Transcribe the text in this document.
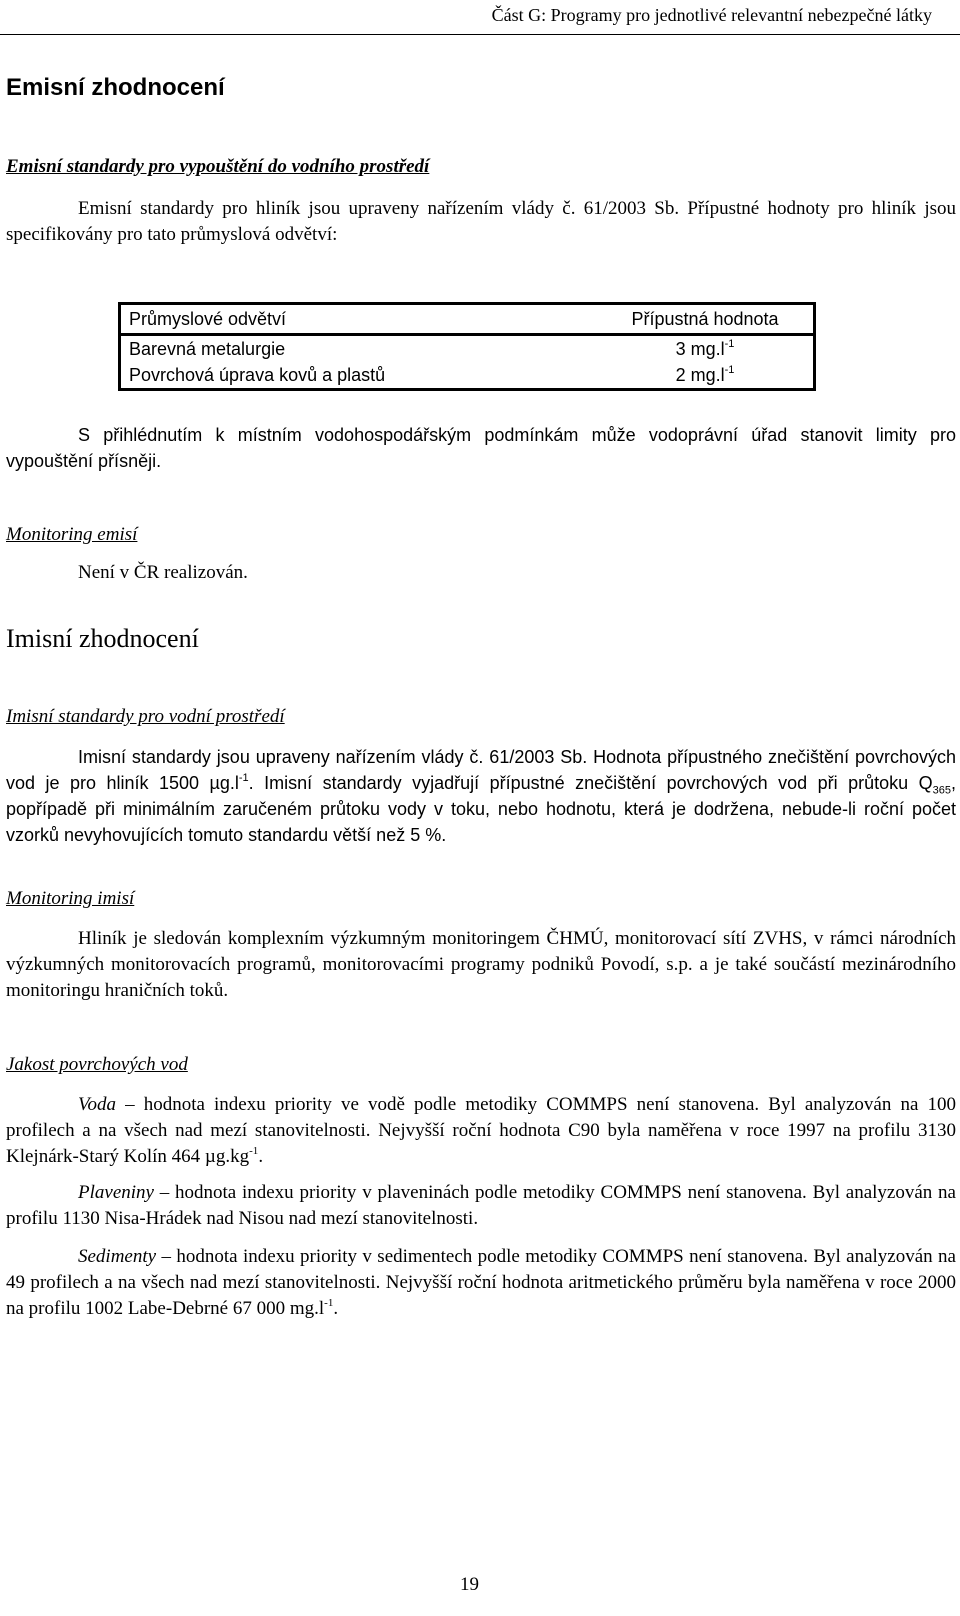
Část G: Programy pro jednotlivé relevantní nebezpečné látky
Emisní zhodnocení
Emisní standardy pro vypouštění do vodního prostředí
Emisní standardy pro hliník jsou upraveny nařízením vlády č. 61/2003 Sb. Přípustné hodnoty pro hliník jsou specifikovány pro tato průmyslová odvětví:
Průmyslové odvětví	Přípustná hodnota
Barevná metalurgie	3 $mg.l^{-1}$
Povrchová úprava kovů a plastů	2 $mg.l^{-1}$
S přihlédnutím k místním vodohospodářským podmínkám může vodoprávní úřad stanovit limity pro vypouštění přísněji.
Monitoring emisí
Není v ČR realizován.
Imisní zhodnocení
Imisní standardy pro vodní prostředí
Imisní standardy jsou upraveny nařízením vlády č. 61/2003 Sb. Hodnota přípustného znečištění povrchových vod je pro hliník 1500 $\mu g.l^{-1}$. Imisní standardy vyjadřují přípustné znečištění povrchových vod při průtoku $Q_{365}$, popřípadě při minimálním zaručeném průtoku vody v toku, nebo hodnotu, která je dodržena, nebude-li roční počet vzorků nevyhovujících tomuto standardu větší než 5 %.
Monitoring imisí
Hliník je sledován komplexním výzkumným monitoringem ČHMÚ, monitorovací sítí ZVHS, v rámci národních výzkumných monitorovacích programů, monitorovacími programy podniků Povodí, s.p. a je také součástí mezinárodního monitoringu hraničních toků.
Jakost povrchových vod
Voda – hodnota indexu priority ve vodě podle metodiky COMMPS není stanovena. Byl analyzován na 100 profilech a na všech nad mezí stanovitelnosti. Nejvyšší roční hodnota C90 byla naměřena v roce 1997 na profilu 3130 Klejnárk-Starý Kolín 464 $\mu g.kg^{-1}$.
Plaveniny – hodnota indexu priority v plaveninách podle metodiky COMMPS není stanovena. Byl analyzován na profilu 1130 Nisa-Hrádek nad Nisou nad mezí stanovitelnosti.
Sedimenty – hodnota indexu priority v sedimentech podle metodiky COMMPS není stanovena. Byl analyzován na 49 profilech a na všech nad mezí stanovitelnosti. Nejvyšší roční hodnota aritmetického průměru byla naměřena v roce 2000 na profilu 1002 Labe-Debrné 67 000 $mg.l^{-1}$.
19
